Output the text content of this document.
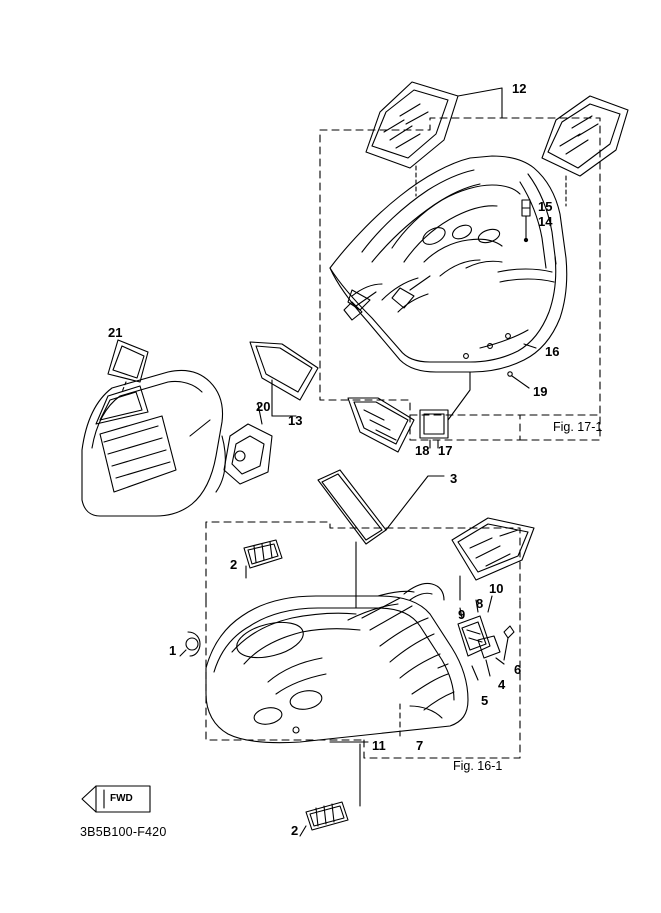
12
15
14
16
19
21
20
13
18 17
3
2
10
8
9
6
4
5
1
11 7
2
Fig. 17-1
Fig. 16-1
FWD
3B5B100-F420
